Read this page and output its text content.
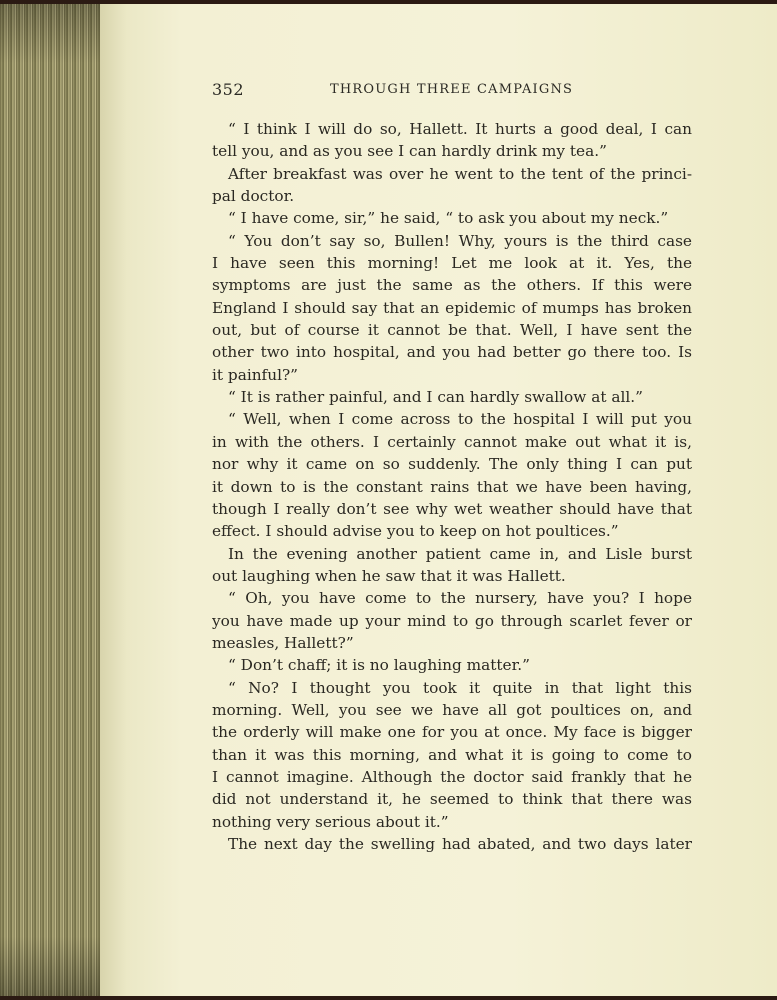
352	THROUGH THREE CAMPAIGNS
“ I think I will do so, Hallett. It hurts a good deal, I can
tell you, and as you see I can hardly drink my tea.”
After breakfast was over he went to the tent of the princi-
pal doctor.
“ I have come, sir,” he said, “ to ask you about my neck.”
“ You don’t say so, Bullen! Why, yours is the third case
I have seen this morning! Let me look at it. Yes, the
symptoms are just the same as the others. If this were
England I should say that an epidemic of mumps has broken
out, but of course it cannot be that. Well, I have sent the
other two into hospital, and you had better go there too. Is
it painful?”
“ It is rather painful, and I can hardly swallow at all.”
“ Well, when I come across to the hospital I will put you
in with the others. I certainly cannot make out what it is,
nor why it came on so suddenly. The only thing I can put
it down to is the constant rains that we have been having,
though I really don’t see why wet weather should have that
effect. I should advise you to keep on hot poultices.”
In the evening another patient came in, and Lisle burst
out laughing when he saw that it was Hallett.
“ Oh, you have come to the nursery, have you? I hope
you have made up your mind to go through scarlet fever or
measles, Hallett?”
“ Don’t chaff; it is no laughing matter.”
“ No? I thought you took it quite in that light this
morning. Well, you see we have all got poultices on, and
the orderly will make one for you at once. My face is bigger
than it was this morning, and what it is going to come to
I cannot imagine. Although the doctor said frankly that he
did not understand it, he seemed to think that there was
nothing very serious about it.”
The next day the swelling had abated, and two days later
